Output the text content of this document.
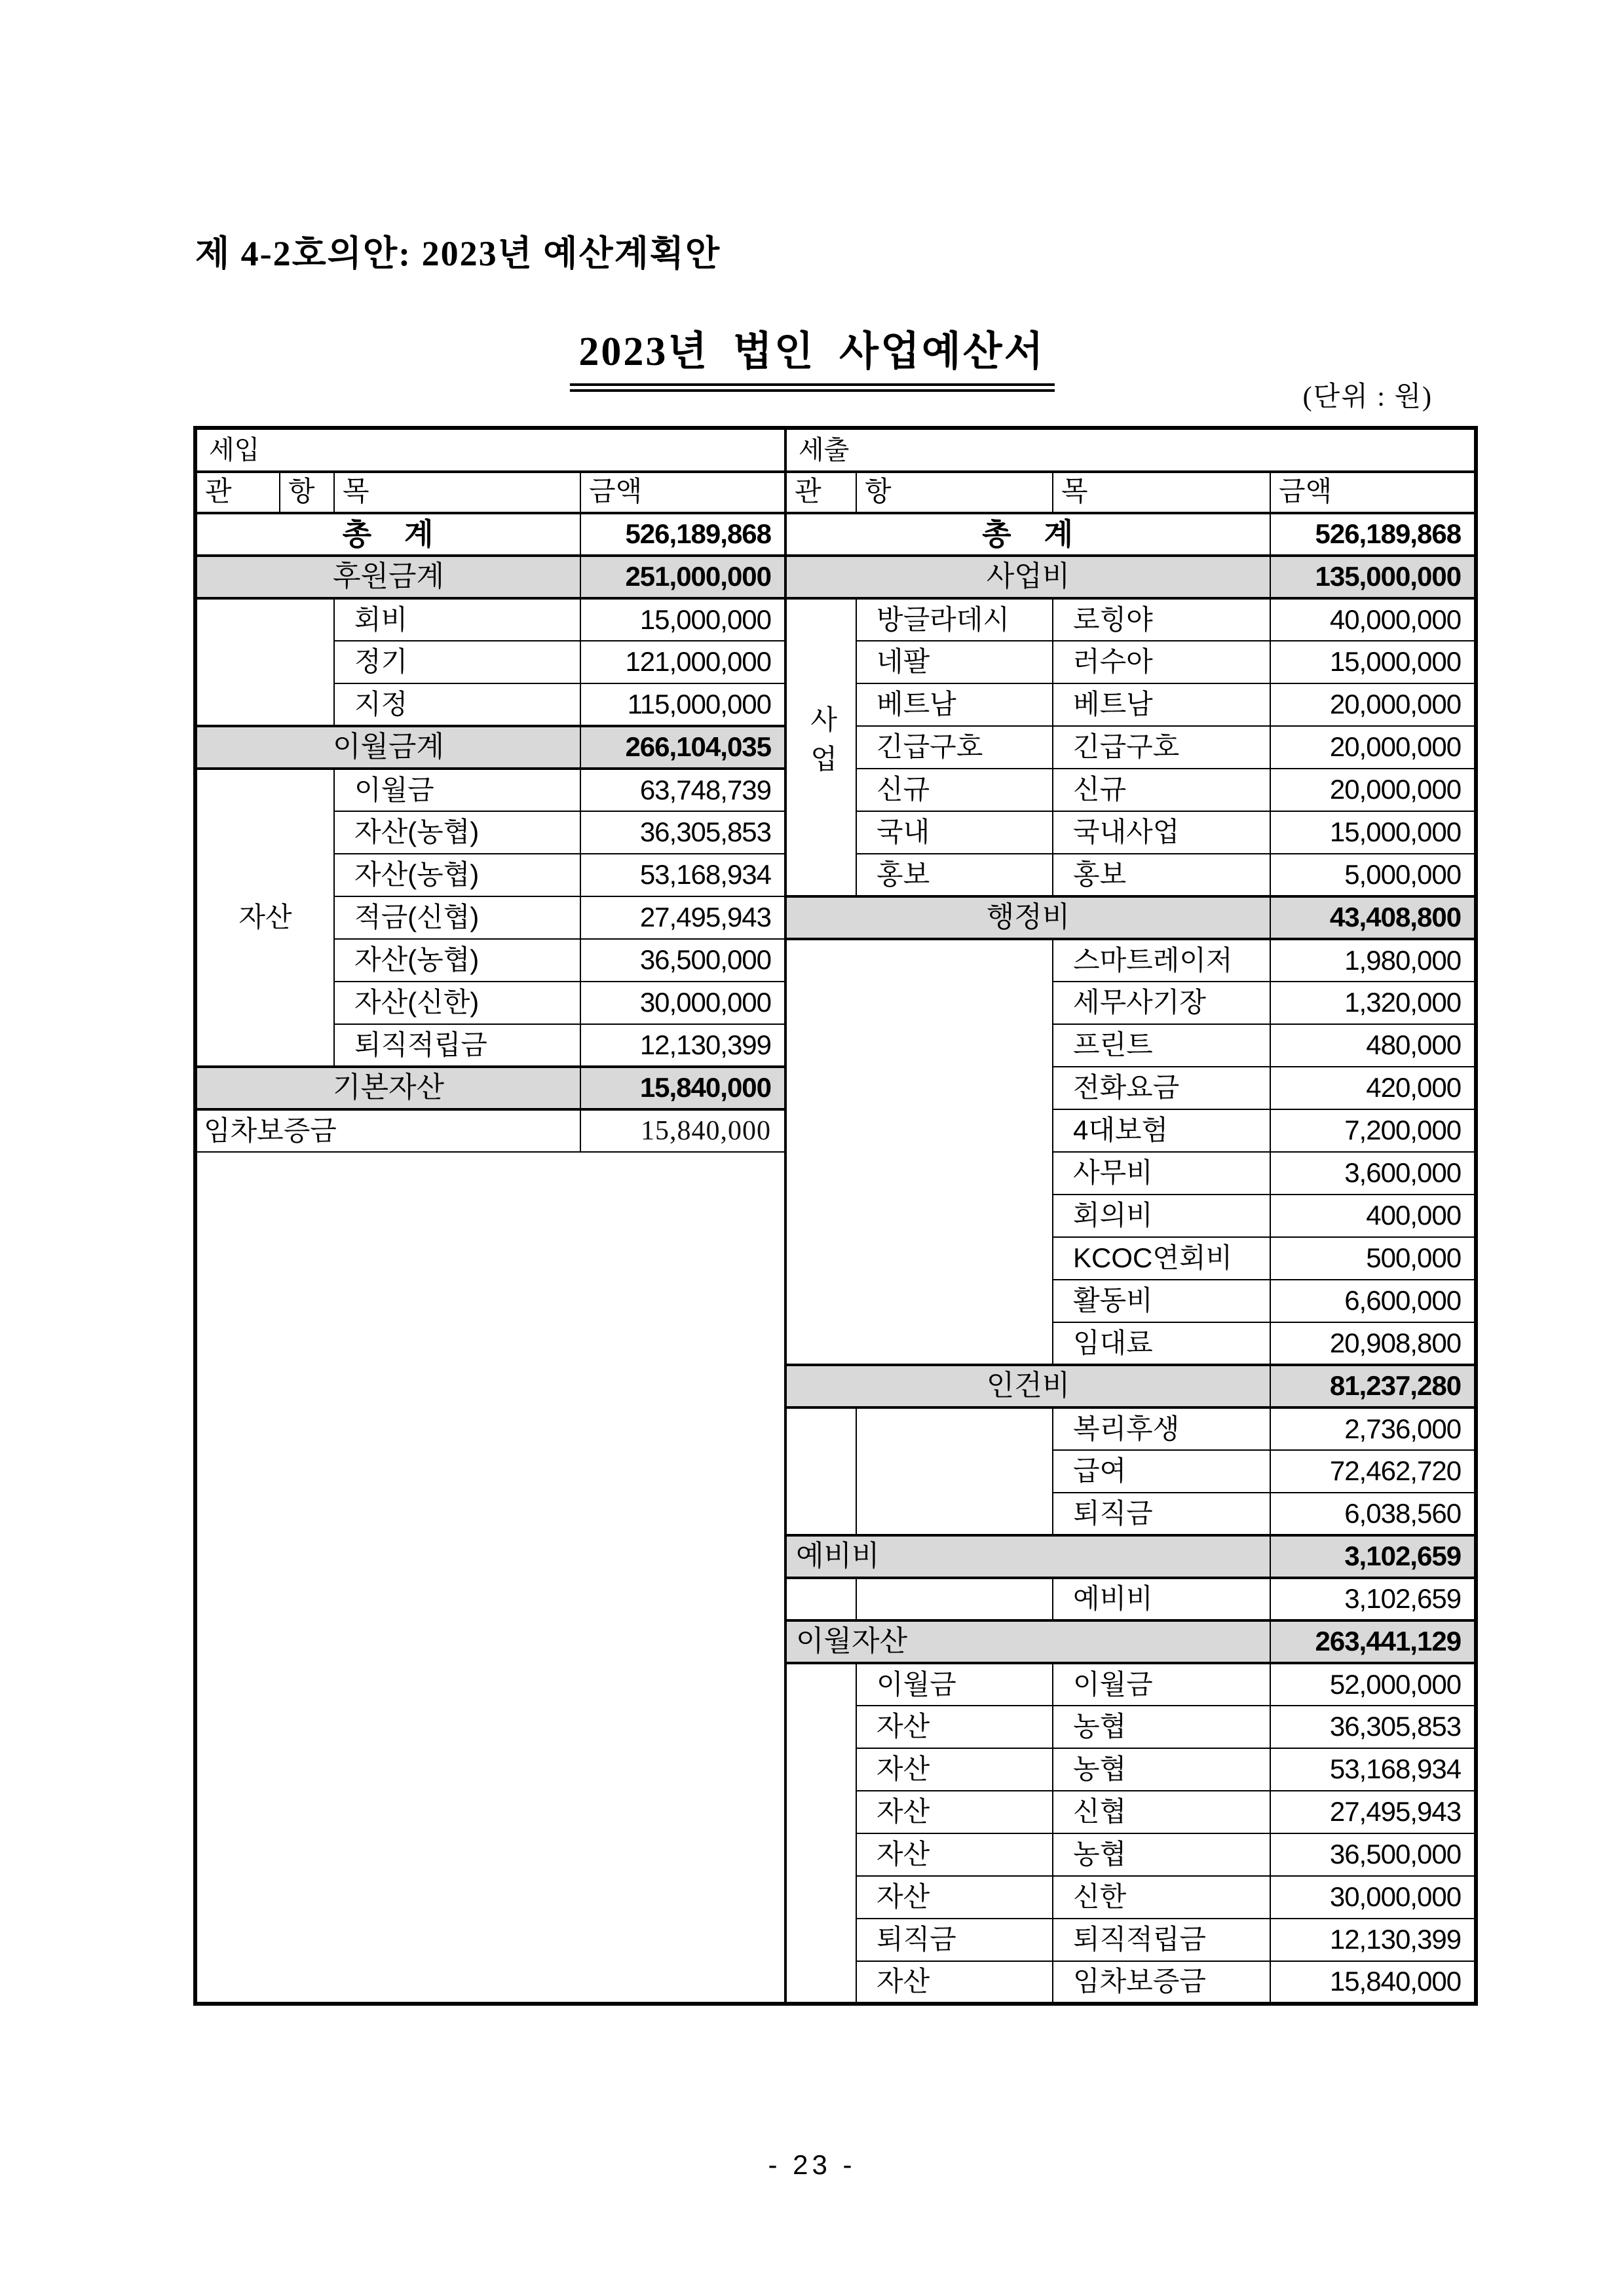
제 4-2호의안: 2023년 예산계획안
2023년 법인 사업예산서
(단위 : 원)
세입				세출			
관	항	목	금액	관	항	목	금액
총　계			526,189,868	총　계			526,189,868
후원금계			251,000,000	사업비			135,000,000
		회비	15,000,000	사업	방글라데시	로힝야	40,000,000
		정기	121,000,000		네팔	러수아	15,000,000
		지정	115,000,000		베트남	베트남	20,000,000
이월금계			266,104,035		긴급구호	긴급구호	20,000,000
자산		이월금	63,748,739		신규	신규	20,000,000
		자산(농협)	36,305,853		국내	국내사업	15,000,000
		자산(농협)	53,168,934		홍보	홍보	5,000,000
		적금(신협)	27,495,943	행정비			43,408,800
		자산(농협)	36,500,000			스마트레이저	1,980,000
		자산(신한)	30,000,000			세무사기장	1,320,000
		퇴직적립금	12,130,399			프린트	480,000
기본자산			15,840,000			전화요금	420,000
임차보증금			15,840,000			4대보험	7,200,000
						사무비	3,600,000
						회의비	400,000
						KCOC연회비	500,000
						활동비	6,600,000
						임대료	20,908,800
				인건비			81,237,280
						복리후생	2,736,000
						급여	72,462,720
						퇴직금	6,038,560
				예비비			3,102,659
						예비비	3,102,659
				이월자산			263,441,129
					이월금	이월금	52,000,000
					자산	농협	36,305,853
					자산	농협	53,168,934
					자산	신협	27,495,943
					자산	농협	36,500,000
					자산	신한	30,000,000
					퇴직금	퇴직적립금	12,130,399
					자산	임차보증금	15,840,000
- 23 -
